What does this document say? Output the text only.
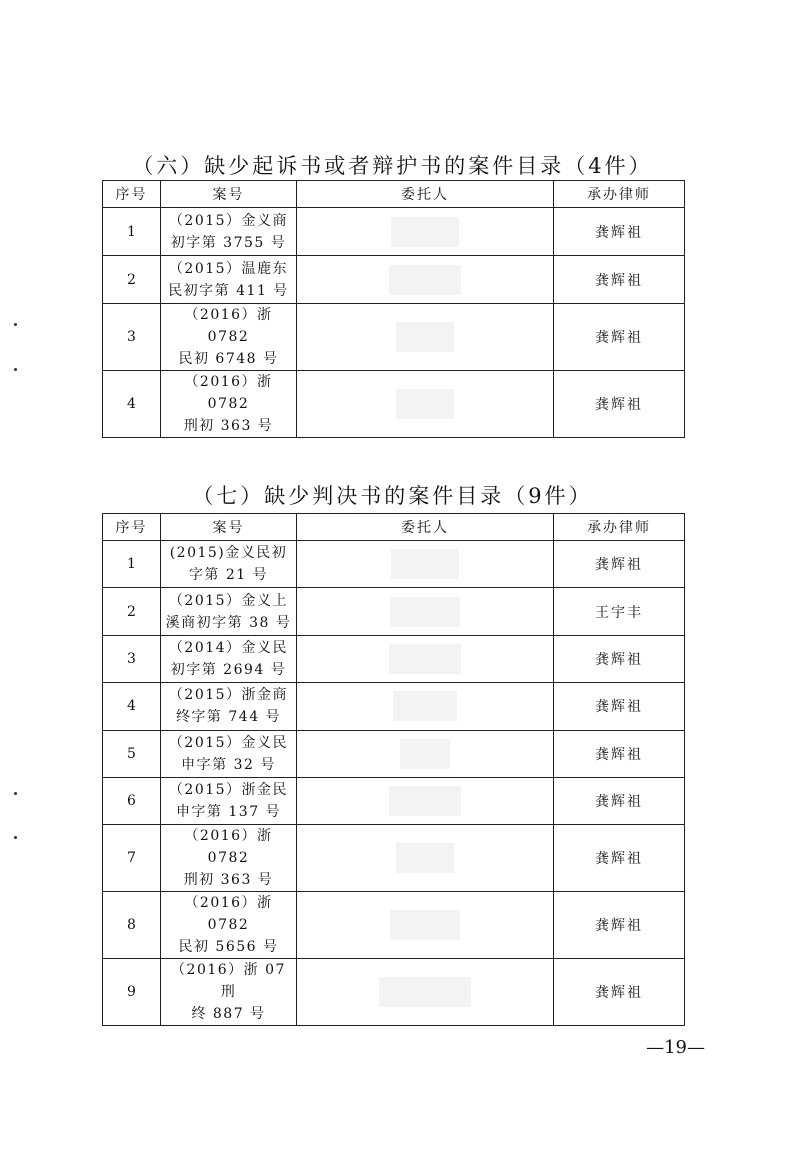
（六）缺少起诉书或者辩护书的案件目录（4件）
序号	案号	委托人	承办律师
1	（2015）金义商
初字第 3755 号		龚辉祖
2	（2015）温鹿东
民初字第 411 号		龚辉祖
3	（2016）浙 0782
民初 6748 号		龚辉祖
4	（2016）浙 0782
刑初 363 号		龚辉祖
（七）缺少判决书的案件目录（9件）
序号	案号	委托人	承办律师
1	(2015)金义民初
字第 21 号		龚辉祖
2	（2015）金义上
溪商初字第 38 号		王宇丰
3	（2014）金义民
初字第 2694 号		龚辉祖
4	（2015）浙金商
终字第 744 号		龚辉祖
5	（2015）金义民
申字第 32 号		龚辉祖
6	（2015）浙金民
申字第 137 号		龚辉祖
7	（2016）浙 0782
刑初 363 号		龚辉祖
8	（2016）浙 0782
民初 5656 号		龚辉祖
9	（2016）浙 07 刑
终 887 号		龚辉祖
—19—
